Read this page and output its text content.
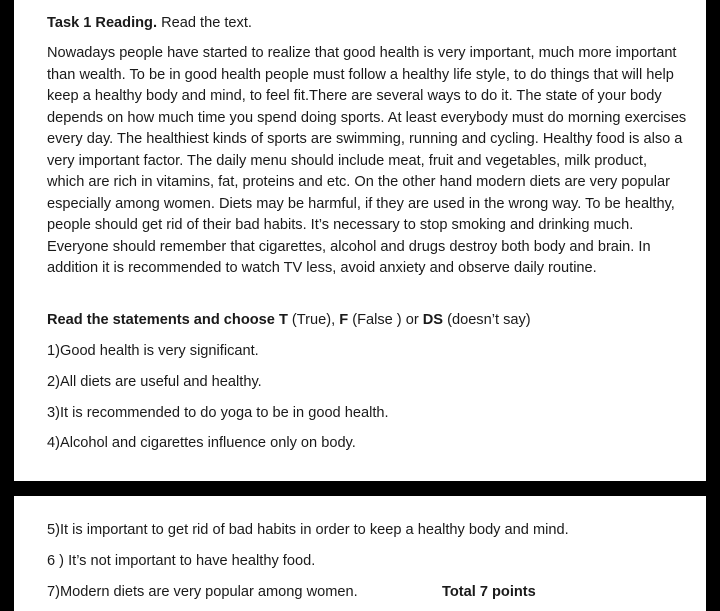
Task 1 Reading. Read the text.

Nowadays people have started to realize that good health is very important, much more important than wealth. To be in good health people must follow a healthy life style, to do things that will help keep a healthy body and mind, to feel fit.There are several ways to do it. The state of your body depends on how much time you spend doing sports. At least everybody must do morning exercises every day. The healthiest kinds of sports are swimming, running and cycling. Healthy food is also a very important factor. The daily menu should include meat, fruit and vegetables, milk product, which are rich in vitamins, fat, proteins and etc. On the other hand modern diets are very popular especially among women. Diets may be harmful, if they are used in the wrong way. To be healthy, people should get rid of their bad habits. It’s necessary to stop smoking and drinking much. Everyone should remember that cigarettes, alcohol and drugs destroy both body and brain. In addition it is recommended to watch TV less, avoid anxiety and observe daily routine.

Read the statements and choose T (True), F (False ) or DS (doesn’t say)

1)Good health is very significant.

2)All diets are useful and healthy.

3)It is recommended to do yoga to be in good health.

4)Alcohol and cigarettes influence only on body.

5)It is important to get rid of bad habits in order to keep a healthy body and mind.

6 ) It’s not important to have healthy food.

7)Modern diets are very popular among women.	Total 7 points
